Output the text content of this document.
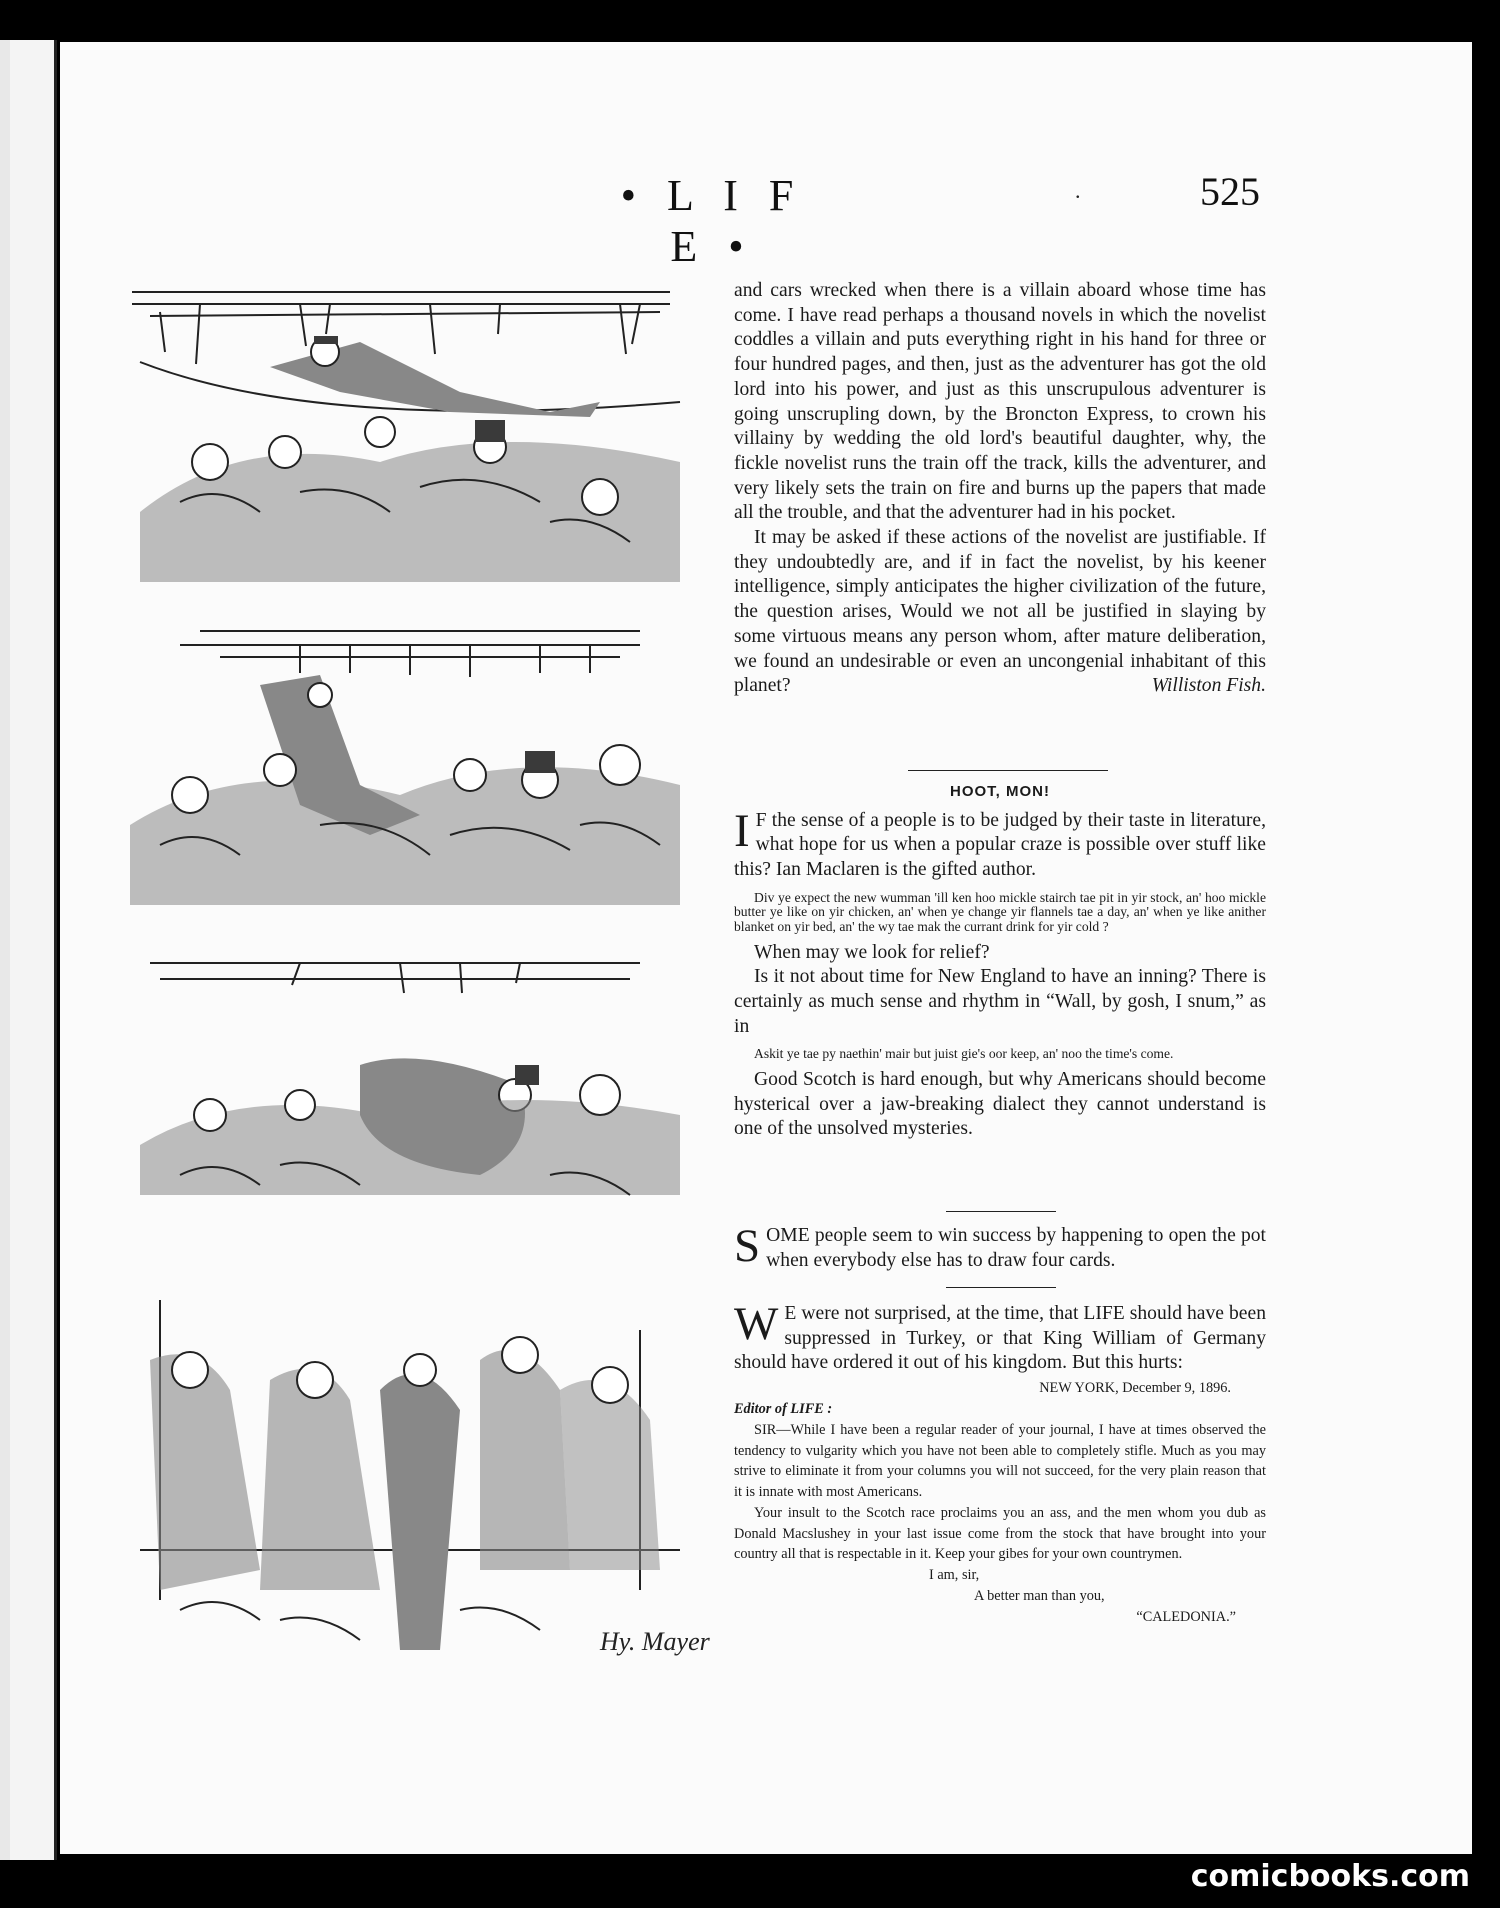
• L I F E •
.	525
Hy. Mayer

and cars wrecked when there is a villain aboard whose time has come. I have read perhaps a thousand novels in which the novelist coddles a villain and puts everything right in his hand for three or four hundred pages, and then, just as the adventurer has got the old lord into his power, and just as this unscrupulous adventurer is going unscrupling down, by the Broncton Express, to crown his villainy by wedding the old lord's beautiful daughter, why, the fickle novelist runs the train off the track, kills the adventurer, and very likely sets the train on fire and burns up the papers that made all the trouble, and that the adventurer had in his pocket.

It may be asked if these actions of the novelist are justifiable. If they undoubtedly are, and if in fact the novelist, by his keener intelligence, simply anticipates the higher civilization of the future, the question arises, Would we not all be justified in slaying by some virtuous means any person whom, after mature deliberation, we found an undesirable or even an uncongenial inhabitant of this planet?	Williston Fish.

HOOT, MON!

I F the sense of a people is to be judged by their taste in literature, what hope for us when a popular craze is possible over stuff like this? Ian Maclaren is the gifted author.

Div ye expect the new wumman 'ill ken hoo mickle stairch tae pit in yir stock, an' hoo mickle butter ye like on yir chicken, an' when ye change yir flannels tae a day, an' when ye like anither blanket on yir bed, an' the wy tae mak the currant drink for yir cold ?

When may we look for relief?

Is it not about time for New England to have an inning? There is certainly as much sense and rhythm in “Wall, by gosh, I snum,” as in

Askit ye tae py naethin' mair but juist gie's oor keep, an' noo the time's come.

Good Scotch is hard enough, but why Americans should become hysterical over a jaw-breaking dialect they cannot understand is one of the unsolved mysteries.

SOME people seem to win success by happening to open the pot when everybody else has to draw four cards.

W E were not surprised, at the time, that LIFE should have been suppressed in Turkey, or that King William of Germany should have ordered it out of his kingdom. But this hurts:

NEW YORK, December 9, 1896.

Editor of LIFE :

SIR—While I have been a regular reader of your journal, I have at times observed the tendency to vulgarity which you have not been able to completely stifle. Much as you may strive to eliminate it from your columns you will not succeed, for the very plain reason that it is innate with most Americans.

Your insult to the Scotch race proclaims you an ass, and the men whom you dub as Donald Macslushey in your last issue come from the stock that have brought into your country all that is respectable in it. Keep your gibes for your own countrymen.

I am, sir,

A better man than you,

“CALEDONIA.”

comicbooks.com
